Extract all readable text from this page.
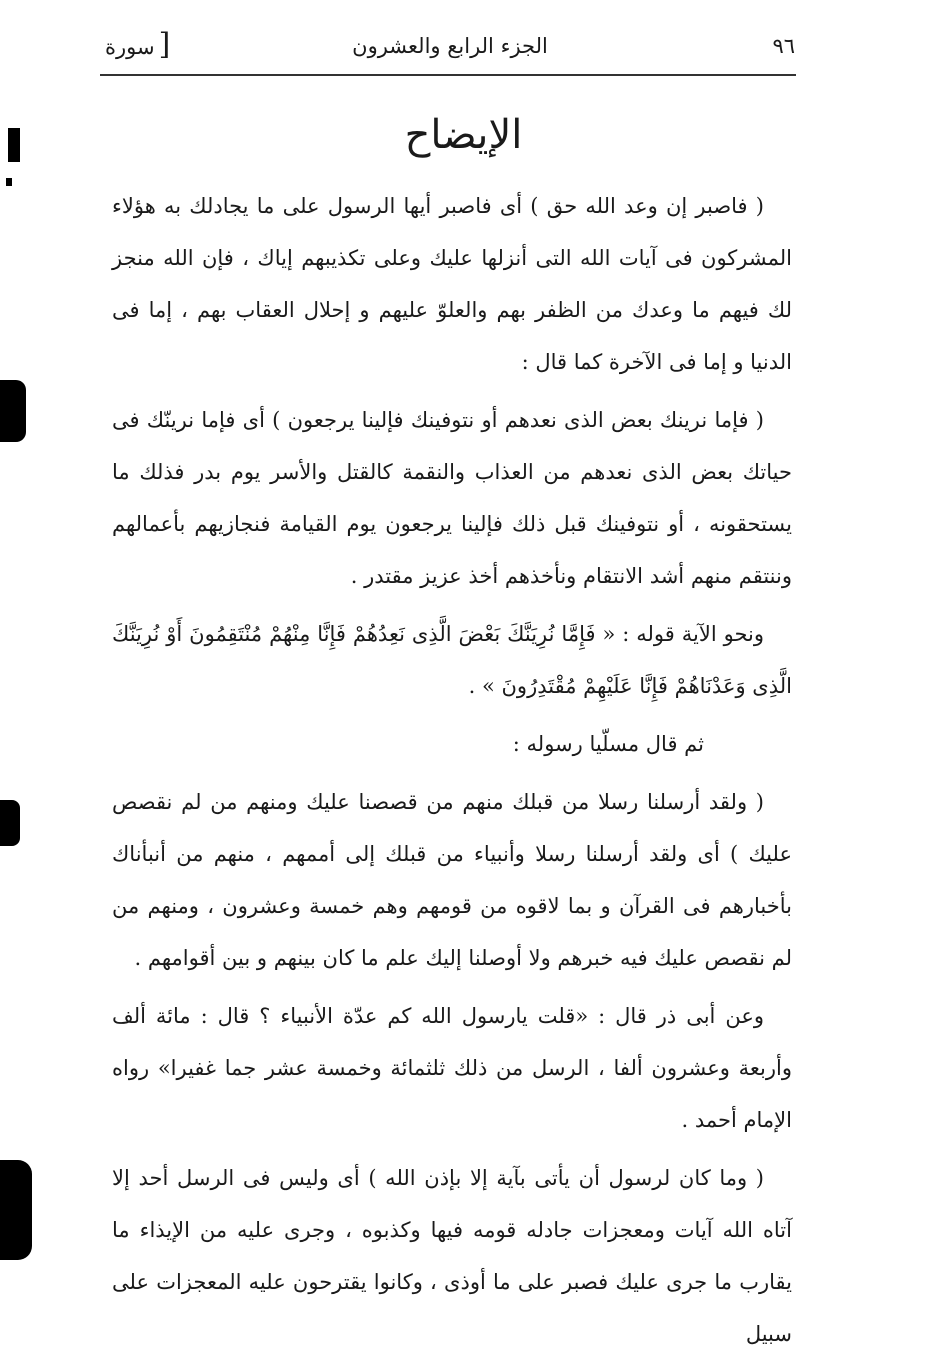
٩٦
الجزء الرابع والعشرون
[سورة
الإيضاح

( فاصبر إن وعد الله حق ) أى فاصبر أيها الرسول على ما يجادلك به هؤلاء المشركون فى آيات الله التى أنزلها عليك وعلى تكذيبهم إياك ، فإن الله منجز لك فيهم ما وعدك من الظفر بهم والعلوّ عليهم و إحلال العقاب بهم ، إما فى الدنيا و إما فى الآخرة كما قال :

( فإما نرينك بعض الذى نعدهم أو نتوفينك فإلينا يرجعون ) أى فإما نرينّك فى حياتك بعض الذى نعدهم من العذاب والنقمة كالقتل والأسر يوم بدر فذلك ما يستحقونه ، أو نتوفينك قبل ذلك فإلينا يرجعون يوم القيامة فنجازيهم بأعمالهم وننتقم منهم أشد الانتقام ونأخذهم أخذ عزيز مقتدر .

ونحو الآية قوله : « فَإِمَّا نُرِيَنَّكَ بَعْضَ الَّذِى نَعِدُهُمْ فَإِنَّا مِنْهُمْ مُنْتَقِمُونَ أَوْ نُرِيَنَّكَ الَّذِى وَعَدْنَاهُمْ فَإِنَّا عَلَيْهِمْ مُقْتَدِرُونَ » .

ثم قال مسلّيا رسوله :

( ولقد أرسلنا رسلا من قبلك منهم من قصصنا عليك ومنهم من لم نقصص عليك ) أى ولقد أرسلنا رسلا وأنبياء من قبلك إلى أممهم ، منهم من أنبأناك بأخبارهم فى القرآن و بما لاقوه من قومهم وهم خمسة وعشرون ، ومنهم من لم نقصص عليك فيه خبرهم ولا أوصلنا إليك علم ما كان بينهم و بين أقوامهم .

وعن أبى ذر قال : «قلت يارسول الله كم عدّة الأنبياء ؟ قال : مائة ألف وأربعة وعشرون ألفا ، الرسل من ذلك ثلثمائة وخمسة عشر جما غفيرا» رواه الإمام أحمد .

( وما كان لرسول أن يأتى بآية إلا بإذن الله ) أى وليس فى الرسل أحد إلا آتاه الله آيات ومعجزات جادله قومه فيها وكذبوه ، وجرى عليه من الإيذاء ما يقارب ما جرى عليك فصبر على ما أوذى ، وكانوا يقترحون عليه المعجزات على سبيل
